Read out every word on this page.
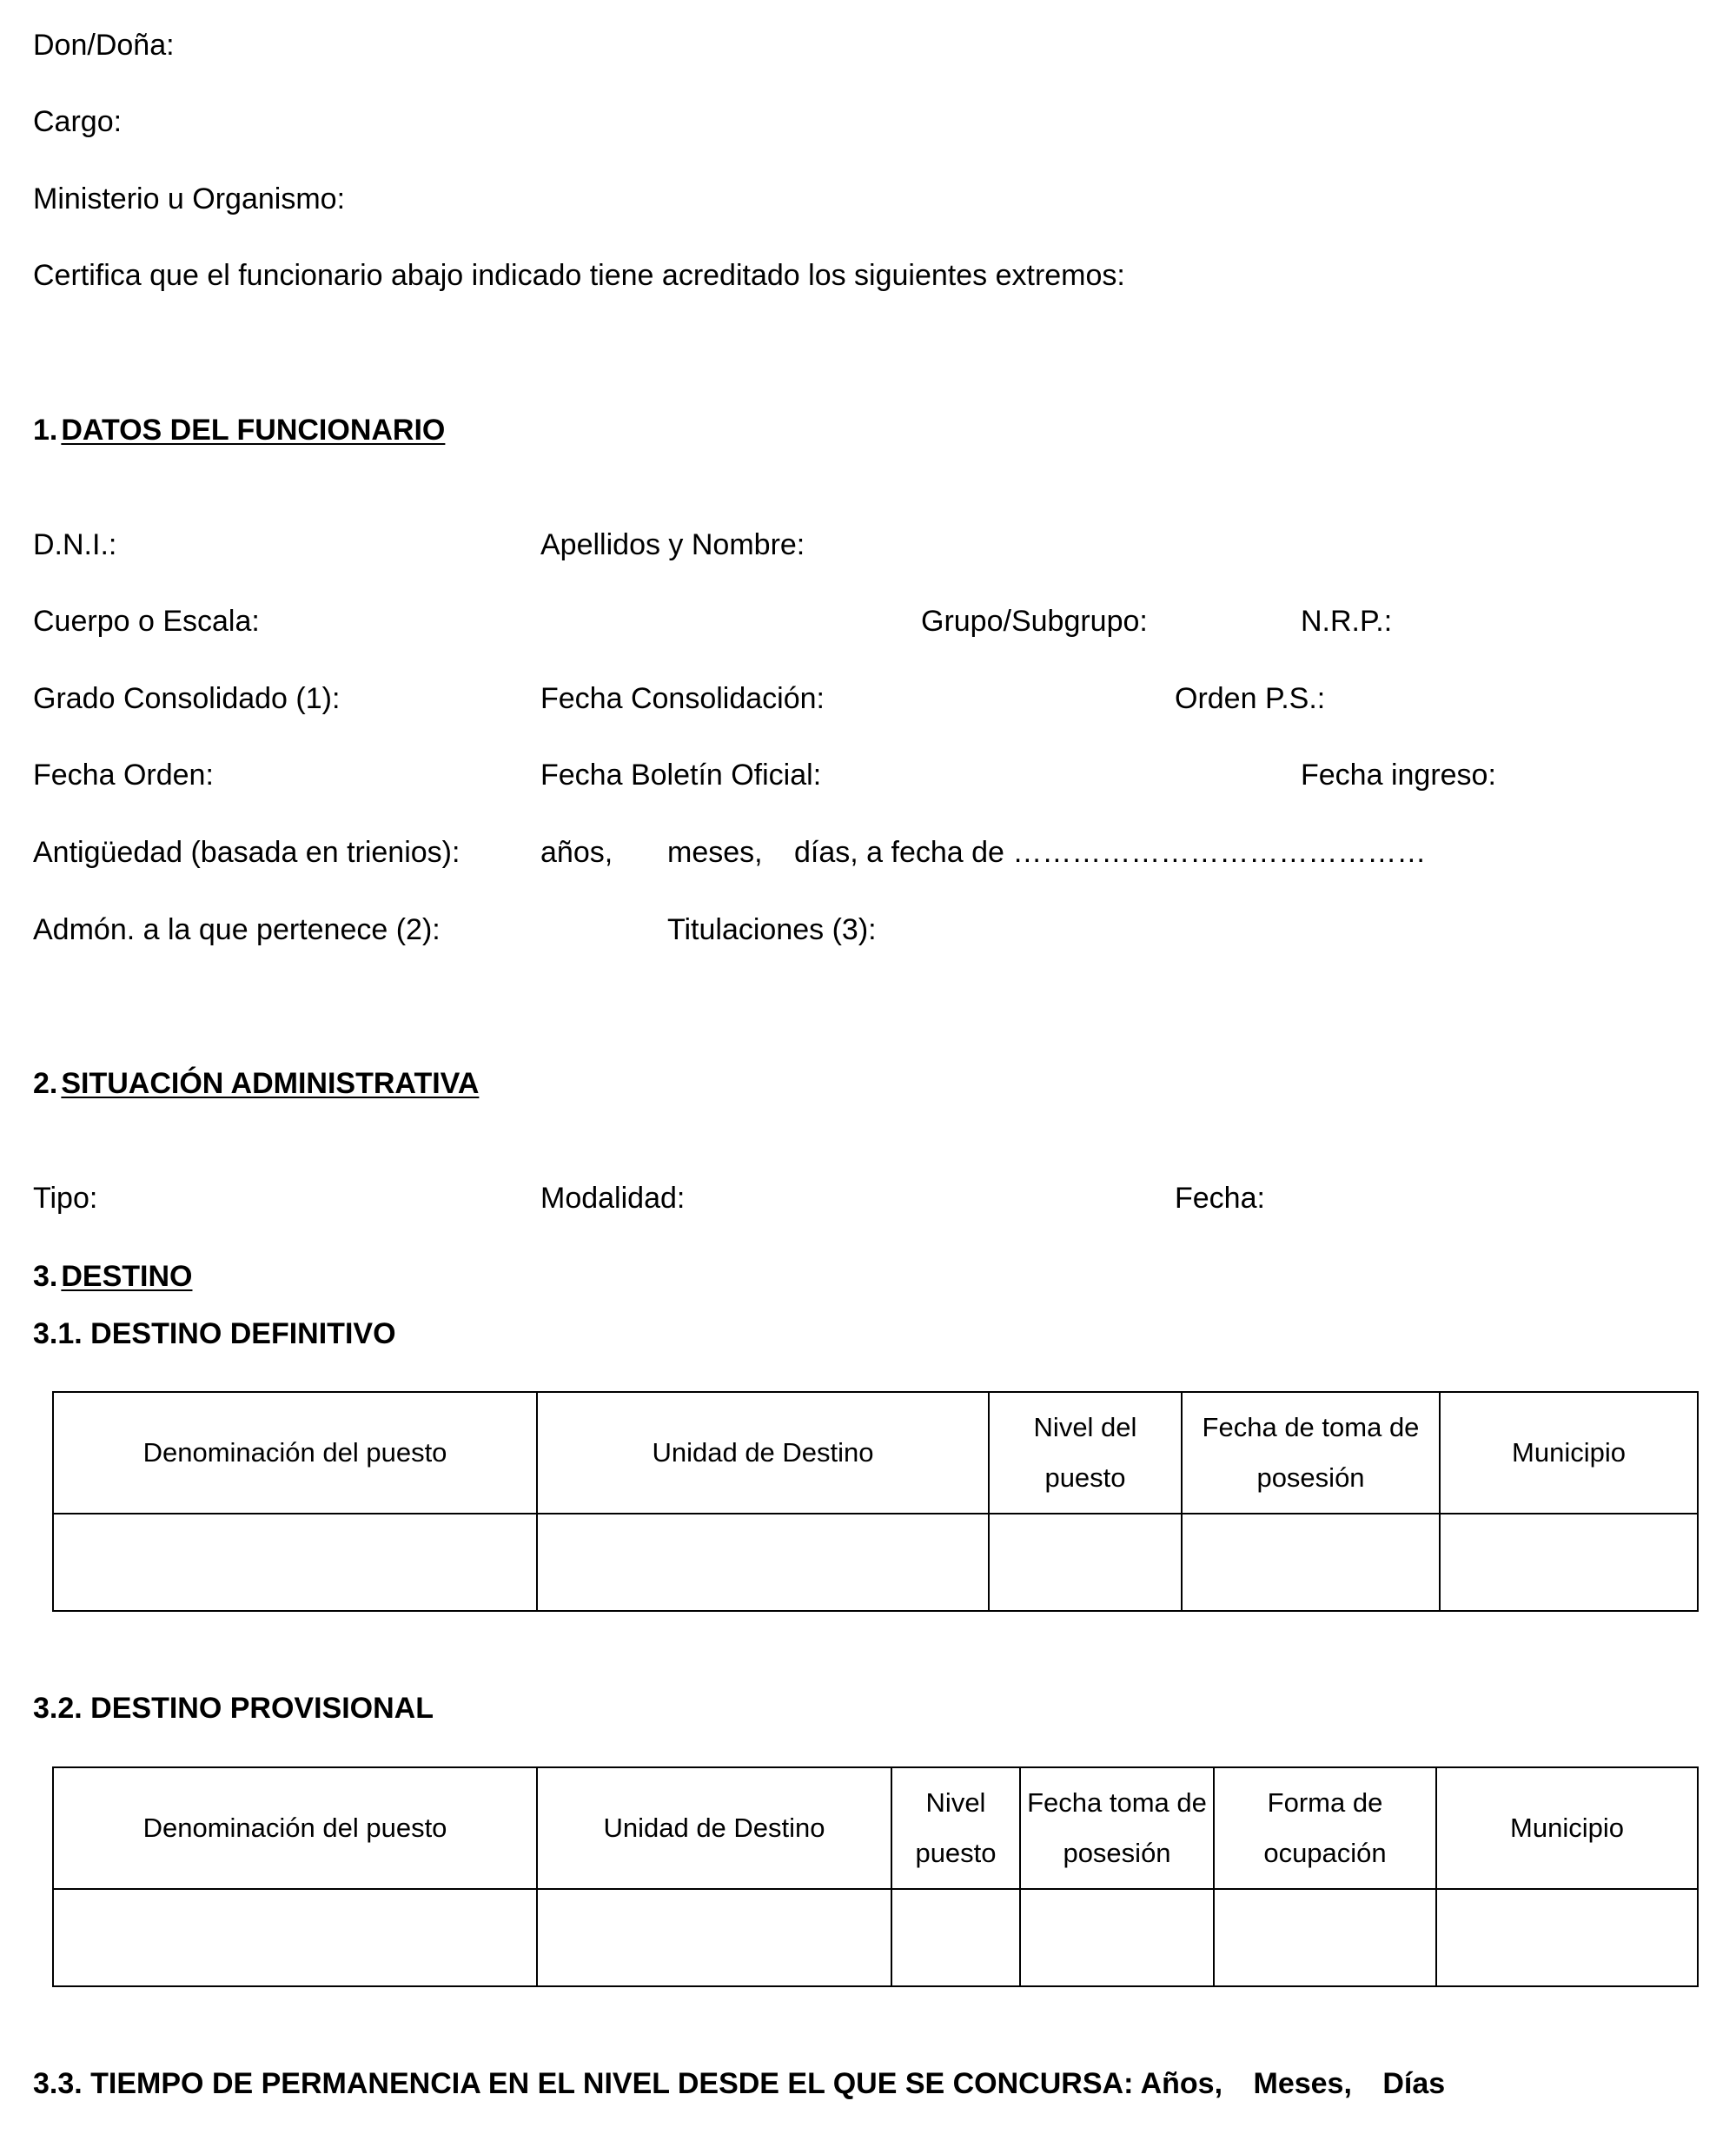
Don/Doña:
Cargo:
Ministerio u Organismo:
Certifica que el funcionario abajo indicado tiene acreditado los siguientes extremos:
1. DATOS DEL FUNCIONARIO
D.N.I.:	Apellidos y Nombre:
Cuerpo o Escala:	Grupo/Subgrupo:	N.R.P.:
Grado Consolidado (1):	Fecha Consolidación:	Orden P.S.:
Fecha Orden:	Fecha Boletín Oficial:	Fecha ingreso:
Antigüedad (basada en trienios):	años, meses, días, a fecha de ……………………………………
Admón. a la que pertenece (2):	Titulaciones (3):
2. SITUACIÓN ADMINISTRATIVA
Tipo:	Modalidad:	Fecha:
3. DESTINO
3.1. DESTINO DEFINITIVO
Denominación del puesto	Unidad de Destino	Nivel del puesto	Fecha de toma de posesión	Municipio

3.2. DESTINO PROVISIONAL
Denominación del puesto	Unidad de Destino	Nivel puesto	Fecha toma de posesión	Forma de ocupación	Municipio

3.3. TIEMPO DE PERMANENCIA EN EL NIVEL DESDE EL QUE SE CONCURSA: Años, Meses, Días
